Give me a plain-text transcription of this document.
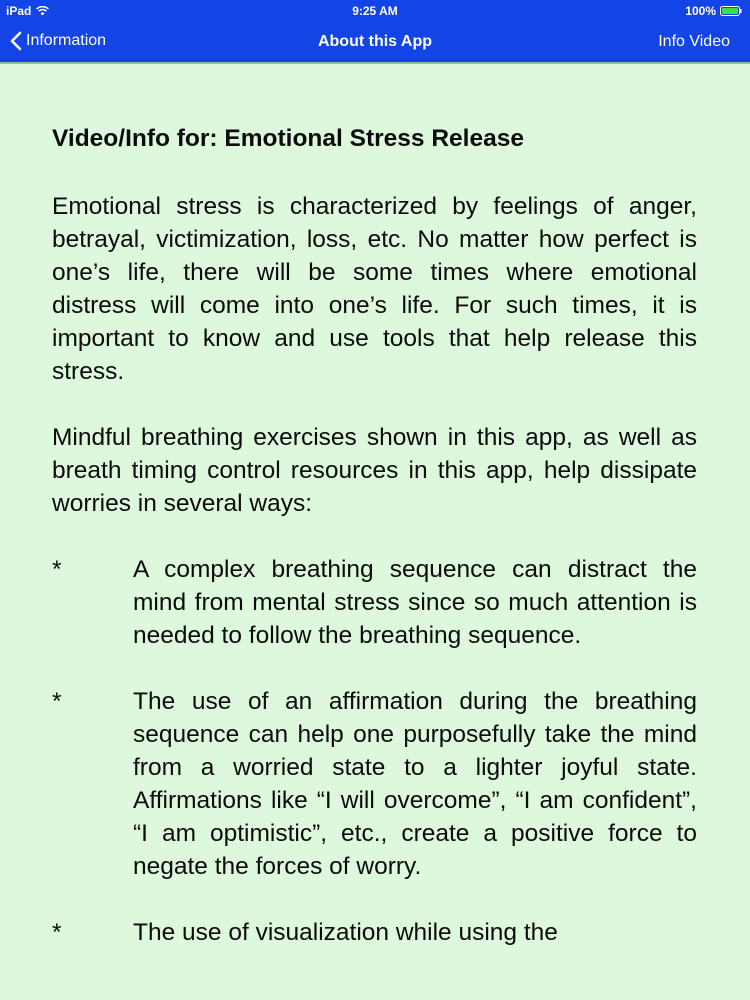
iPad	9:25 AM	100%
Information	About this App	Info Video
Video/Info for: Emotional Stress Release

Emotional stress is characterized by feelings of anger, betrayal, victimization, loss, etc. No matter how perfect is one’s life, there will be some times where emotional distress will come into one’s life. For such times, it is important to know and use tools that help release this stress.

Mindful breathing exercises shown in this app, as well as breath timing control resources in this app, help dissipate worries in several ways:

*	A complex breathing sequence can distract the mind from mental stress since so much attention is needed to follow the breathing sequence.
*	The use of an affirmation during the breathing sequence can help one purposefully take the mind from a worried state to a lighter joyful state. Affirmations like “I will overcome”, “I am confident”, “I am optimistic”, etc., create a positive force to negate the forces of worry.
*	The use of visualization while using the
